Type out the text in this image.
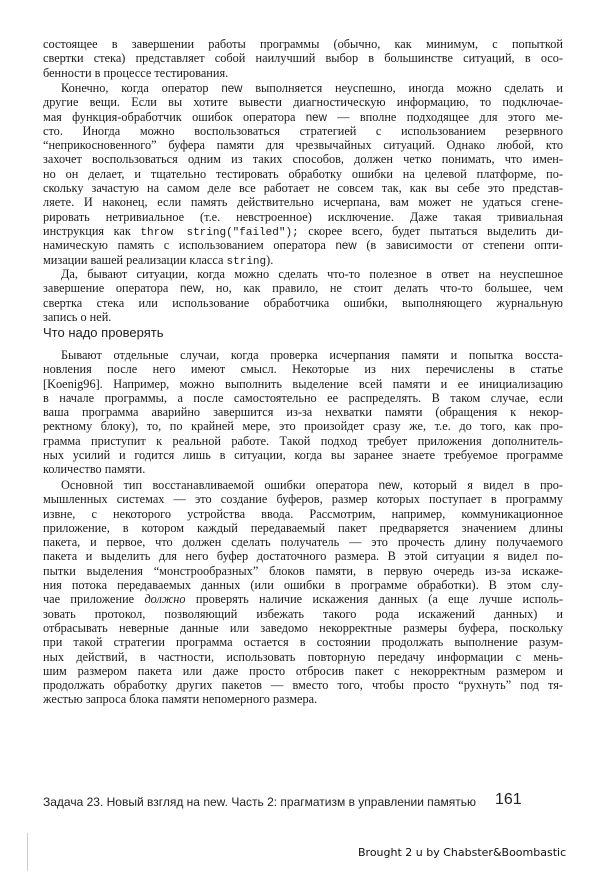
состоящее в завершении работы программы (обычно, как минимум, с попыткой
свертки стека) представляет собой наилучший выбор в большинстве ситуаций, в осо-
бенности в процессе тестирования.
Конечно, когда оператор new выполняется неуспешно, иногда можно сделать и
другие вещи. Если вы хотите вывести диагностическую информацию, то подключае-
мая функция-обработчик ошибок оператора new — вполне подходящее для этого ме-
сто. Иногда можно воспользоваться стратегией с использованием резервного
“неприкосновенного” буфера памяти для чрезвычайных ситуаций. Однако любой, кто
захочет воспользоваться одним из таких способов, должен четко понимать, что имен-
но он делает, и тщательно тестировать обработку ошибки на целевой платформе, по-
скольку зачастую на самом деле все работает не совсем так, как вы себе это представ-
ляете. И наконец, если память действительно исчерпана, вам может не удаться сгене-
рировать нетривиальное (т.е. невстроенное) исключение. Даже такая тривиальная
инструкция как throw string("failed"); скорее всего, будет пытаться выделить ди-
намическую память с использованием оператора new (в зависимости от степени опти-
мизации вашей реализации класса string).
Да, бывают ситуации, когда можно сделать что-то полезное в ответ на неуспешное
завершение оператора new, но, как правило, не стоит делать что-то большее, чем
свертка стека или использование обработчика ошибки, выполняющего журнальную
запись о ней.
Что надо проверять
Бывают отдельные случаи, когда проверка исчерпания памяти и попытка восста-
новления после него имеют смысл. Некоторые из них перечислены в статье
[Koenig96]. Например, можно выполнить выделение всей памяти и ее инициализацию
в начале программы, а после самостоятельно ее распределять. В таком случае, если
ваша программа аварийно завершится из-за нехватки памяти (обращения к некор-
ректному блоку), то, по крайней мере, это произойдет сразу же, т.е. до того, как про-
грамма приступит к реальной работе. Такой подход требует приложения дополнитель-
ных усилий и годится лишь в ситуации, когда вы заранее знаете требуемое программе
количество памяти.
Основной тип восстанавливаемой ошибки оператора new, который я видел в про-
мышленных системах — это создание буферов, размер которых поступает в программу
извне, с некоторого устройства ввода. Рассмотрим, например, коммуникационное
приложение, в котором каждый передаваемый пакет предваряется значением длины
пакета, и первое, что должен сделать получатель — это прочесть длину получаемого
пакета и выделить для него буфер достаточного размера. В этой ситуации я видел по-
пытки выделения “монстрообразных” блоков памяти, в первую очередь из-за искаже-
ния потока передаваемых данных (или ошибки в программе обработки). В этом слу-
чае приложение должно проверять наличие искажения данных (а еще лучше исполь-
зовать протокол, позволяющий избежать такого рода искажений данных) и
отбрасывать неверные данные или заведомо некорректные размеры буфера, поскольку
при такой стратегии программа остается в состоянии продолжать выполнение разум-
ных действий, в частности, использовать повторную передачу информации с мень-
шим размером пакета или даже просто отбросив пакет с некорректным размером и
продолжать обработку других пакетов — вместо того, чтобы просто “рухнуть” под тя-
жестью запроса блока памяти непомерного размера.
Задача 23. Новый взгляд на new. Часть 2: прагматизм в управлении памятью 161
Brought 2 u by Chabster&Boombastic
